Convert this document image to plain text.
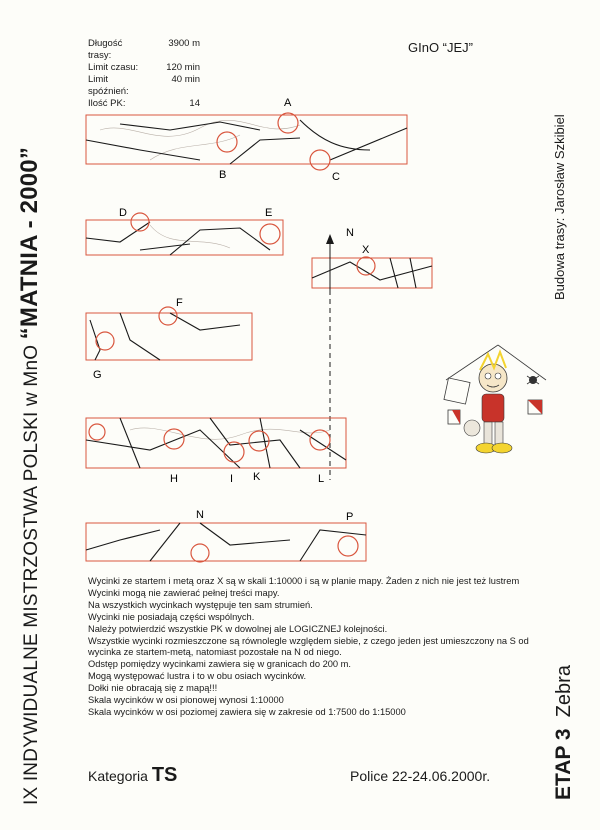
IX INDYWIDUALNE MISTRZOSTWA POLSKI w MnO “MATNIA - 2000”
Długość trasy:
3900 m
Limit czasu:	120 min
Limit spóźnień:
40 min
Ilość PK:	14
GInO “JEJ”
Budowa trasy: Jarosław Szkibiel
A
B	C
D	E
X
N
F
G
H	I K	L
N	P

Wycinki ze startem i metą oraz X są w skali 1:10000 i są w planie mapy. Żaden z nich nie jest też lustrem

Wycinki mogą nie zawierać pełnej treści mapy.

Na wszystkich wycinkach występuje ten sam strumień.

Wycinki nie posiadają części wspólnych.

Należy potwierdzić wszystkie PK w dowolnej ale LOGICZNEJ kolejności.

Wszystkie wycinki rozmieszczone są równolegle względem siebie, z czego jeden jest umieszczony na S od wycinka ze startem-metą, natomiast pozostałe na N od niego.

Odstęp pomiędzy wycinkami zawiera się w granicach do 200 m.

Mogą występować lustra i to w obu osiach wycinków.

Dołki nie obracają się z mapą!!!

Skala wycinków w osi pionowej wynosi 1:10000

Skala wycinków w osi poziomej zawiera się w zakresie od 1:7500 do 1:15000

Kategoria TS	Police 22-24.06.2000r.	ETAP 3  Zebra
